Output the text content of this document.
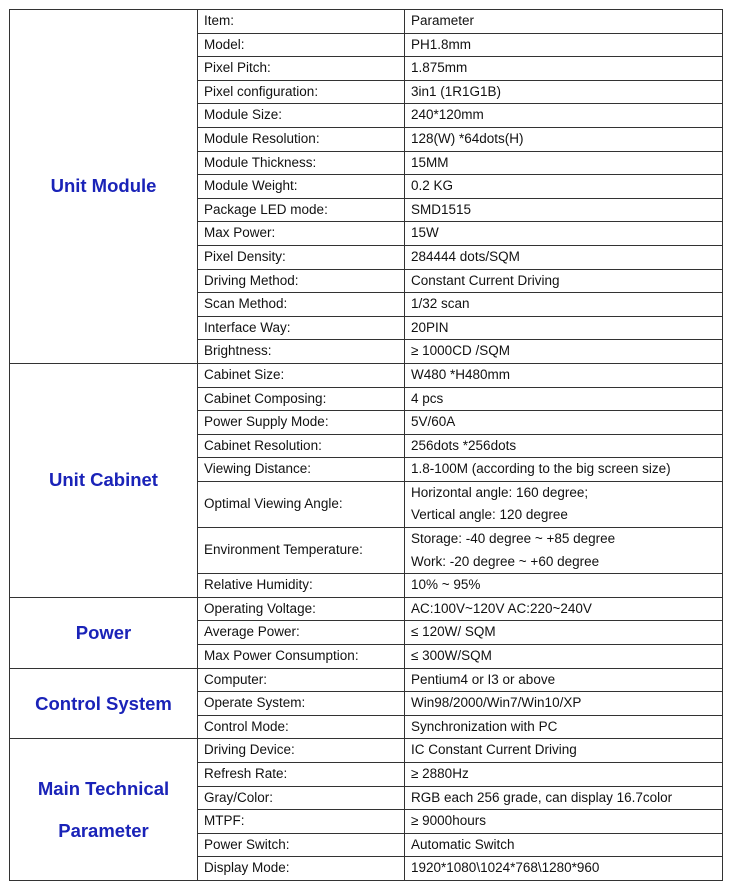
Unit Module	Item:	Parameter

	Model:	PH1.8mm

	Pixel Pitch:	1.875mm

	Pixel configuration:	3in1 (1R1G1B)

	Module Size:	240*120mm

	Module Resolution:	128(W) *64dots(H)

	Module Thickness:	15MM

	Module Weight:	0.2 KG

	Package LED mode:	SMD1515

	Max Power:	15W

	Pixel Density:	284444 dots/SQM

	Driving Method:	Constant Current Driving

	Scan Method:	1/32 scan

	Interface Way:	20PIN

	Brightness:	≥ 1000CD /SQM

Unit Cabinet	Cabinet Size:	W480 *H480mm

	Cabinet Composing:	4 pcs

	Power Supply Mode:	5V/60A

	Cabinet Resolution:	256dots *256dots

	Viewing Distance:	1.8-100M (according to the big screen size)

	Optimal Viewing Angle:	Horizontal angle: 160 degree;
Vertical angle: 120 degree

	Environment Temperature:	Storage: -40 degree ~ +85 degree
Work: -20 degree ~ +60 degree

	Relative Humidity:	10% ~ 95%

Power	Operating Voltage:	AC:100V~120V AC:220~240V

	Average Power:	≤ 120W/ SQM

	Max Power Consumption:	≤ 300W/SQM

Control System	Computer:	Pentium4 or I3 or above

	Operate System:	Win98/2000/Win7/Win10/XP

	Control Mode:	Synchronization with PC

Main Technical
Parameter	Driving Device:	IC Constant Current Driving

	Refresh Rate:	≥ 2880Hz

	Gray/Color:	RGB each 256 grade, can display 16.7color

	MTPF:	≥ 9000hours

	Power Switch:	Automatic Switch

	Display Mode:	1920*1080\1024*768\1280*960
